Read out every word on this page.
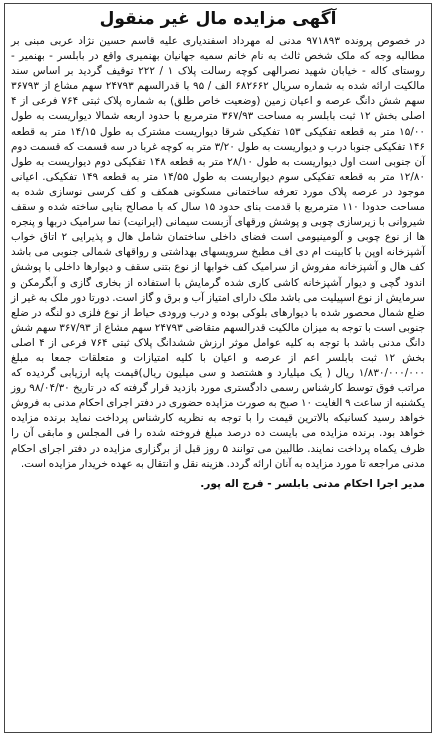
آگهی مزایده مال غیر منقول

در خصوص پرونده ۹۷۱۸۹۳ مدنی له مهرداد اسفندیاری علیه قاسم حسین نژاد عربی مبنی بر مطالبه وجه که ملک شخص ثالث به نام خانم سمیه جهانیان بهنمیری واقع در بابلسر - بهنمیر - روستای کاله - خیابان شهید نصرالهی کوچه رسالت پلاک ۱ / ۲۲۲ توقیف گردید بر اساس سند مالکیت ارائه شده به شماره سریال ۶۸۲۶۶۲ الف / ۹۵ با قدرالسهم ۲۴۷۹۳ سهم مشاع از ۳۶۷۹۳ سهم شش دانگ عرصه و اعیان زمین (وضعیت خاص طلق) به شماره پلاک ثبتی ۷۶۴ فرعی از ۴ اصلی بخش ۱۲ ثبت بابلسر به مساحت ۳۶۷/۹۳ مترمربع با حدود اربعه شمالا دیواریست به طول ۱۵/۰۰ متر به قطعه تفکیکی ۱۵۳ تفکیکی شرقا دیواریست مشترک به طول ۱۴/۱۵ متر به قطعه ۱۴۶ تفکیکی جنوبا درب و دیواریست به طول ۳/۲۰ متر به کوچه غربا در سه قسمت که قسمت دوم آن جنوبی است اول دیواریست به طول ۲۸/۱۰ متر به قطعه ۱۴۸ تفکیکی دوم دیواریست به طول ۱۲/۸۰ متر به قطعه تفکیکی سوم دیواریست به طول ۱۴/۵۵ متر به قطعه ۱۴۹ تفکیکی. اعیانی موجود در عرصه پلاک مورد تعرفه ساختمانی مسکونی همکف و کف کرسی نوسازی شده به مساحت حدودا ۱۱۰ مترمربع با قدمت بنای حدود ۱۵ سال که با مصالح بنایی ساخته شده و سقف شیروانی با زیرسازی چوبی و پوشش ورقهای آزبست سیمانی (ایرانیت) نما سرامیک دربها و پنجره ها از نوع چوبی و آلومینیومی است فضای داخلی ساختمان شامل هال و پذیرایی ۲ اتاق خواب آشپزخانه اوپن با کابینت ام دی اف مطبخ سرویسهای بهداشتی و رواقهای شمالی جنوبی می باشد کف هال و آشپزخانه مفروش از سرامیک کف خوابها از نوع بتنی سقف و دیوارها داخلی با پوشش اندود گچی و دیوار آشپزخانه کاشی کاری شده گرمایش با استفاده از بخاری گازی و آبگرمکن و سرمایش از نوع اسپیلیت می باشد ملک دارای امتیاز آب و برق و گاز است. دورتا دور ملک به غیر از ضلع شمال محصور شده با دیوارهای بلوکی بوده و درب ورودی حیاط از نوع فلزی دو لنگه در ضلع جنوبی است با توجه به میزان مالکیت قدرالسهم متقاضی ۲۴۷۹۳ سهم مشاع از ۳۶۷/۹۳ سهم شش دانگ مدنی باشد با توجه به کلیه عوامل موثر ارزش ششدانگ پلاک ثبتی ۷۶۴ فرعی از ۴ اصلی بخش ۱۲ ثبت بابلسر اعم از عرصه و اعیان با کلیه امتیازات و متعلقات جمعا به مبلغ ۱/۸۳۰/۰۰۰/۰۰۰ ریال ( یک میلیارد و هشتصد و سی میلیون ریال)قیمت پایه ارزیابی گردیده که مراتب فوق توسط کارشناس رسمی دادگستری مورد بازدید قرار گرفته که در تاریخ ۹۸/۰۴/۳۰ روز یکشنبه از ساعت ۹ الغایت ۱۰ صبح به صورت مزایده حضوری در دفتر اجرای احکام مدنی به فروش خواهد رسید کسانیکه بالاترین قیمت را با توجه به نظریه کارشناس پرداخت نماید برنده مزایده خواهد بود. برنده مزایده می بایست ده درصد مبلغ فروخته شده را فی المجلس و مابقی آن را ظرف یکماه پرداخت نمایند. طالبین می توانند ۵ روز قبل از برگزاری مزایده در دفتر اجرای احکام مدنی مراجعه تا مورد مزایده به آنان ارائه گردد. هزینه نقل و انتقال به عهده خریدار مزایده است.

مدیر اجرا احکام مدنی بابلسر - فرج اله پور.
